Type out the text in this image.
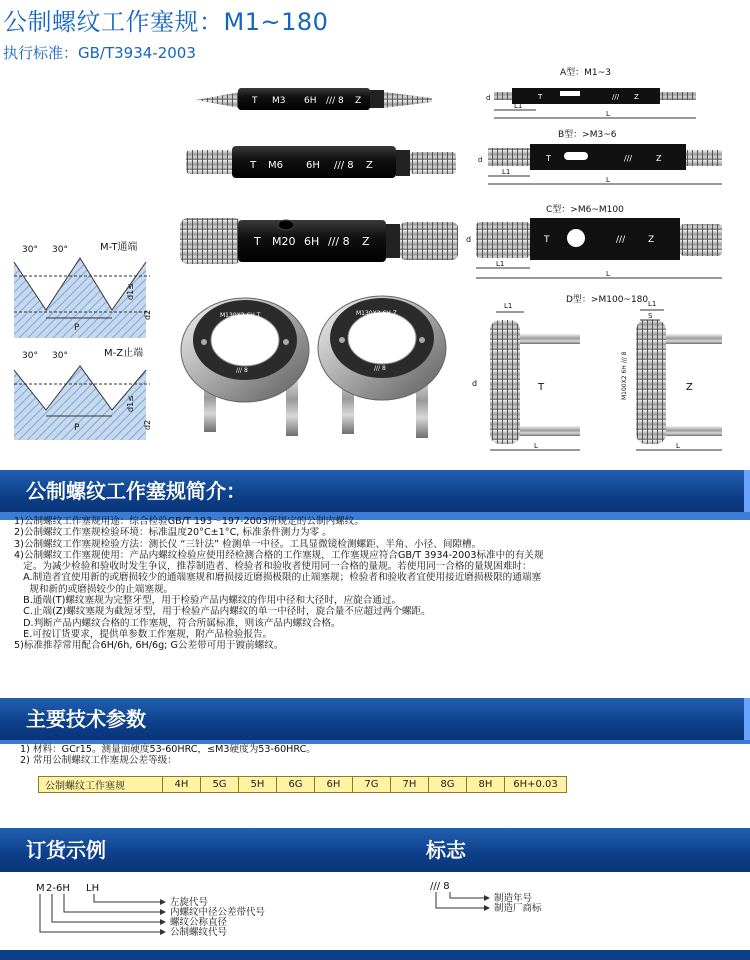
公制螺纹工作塞规：M1~180
执行标准：GB/T3934-2003
T M3 6H /// 8 Z
T M6 6H /// 8 Z
T M20 6H /// 8 Z
30° 30°	M-T通端
P
d1≤
d2
30° 30°	M-Z止端
P
d1≤
d2
M130X2 6H T
/// 8
M130X2 6H Z
/// 8
A型：M1~3
T	/// Z
L1
L
d
B型：>M3~6
T	///	Z
L1
L
d
C型：>M6~M100
T	///	Z
L1
L
d
D型：>M100~180
T
L1
L
d	Z
L1
S
L
M100X2 6H /// 8
公制螺纹工作塞规简介：
1)公制螺纹工作塞规用途：综合检验GB/T 193～197-2003所规定的公制内螺纹。
2)公制螺纹工作塞规检验环境：标准温度20°C±1°C, 标准条件测力为零 。
3)公制螺纹工作塞规检验方法：测长仪 “三针法” 检测单一中径。工具显微镜检测螺距、半角、小径、间隙槽。
4)公制螺纹工作塞规使用：产品内螺纹检验应使用经检测合格的工作塞规，工作塞规应符合GB/T 3934-2003标准中的有关规
定。为减少检验和验收时发生争议，推荐制造者、检验者和验收者使用同一合格的量规。若使用同一合格的量规困难时：
A.制造者宜使用新的或磨损较少的通端塞规和磨损接近磨损极限的止端塞规；检验者和验收者宜使用接近磨损极限的通端塞
规和新的或磨损较少的止端塞规。
B.通端(T)螺纹塞规为完整牙型，用于检验产品内螺纹的作用中径和大径时，应旋合通过。
C.止端(Z)螺纹塞规为截短牙型，用于检验产品内螺纹的单一中径时，旋合量不应超过两个螺距。
D.判断产品内螺纹合格的工作塞规，符合所属标准，则该产品内螺纹合格。
E.可按订货要求，提供单参数工作塞规，附产品检验报告。
5)标准推荐常用配合6H/6h, 6H/6g; G公差带可用于镀前螺纹。
主要技术参数
1) 材料：GCr15。测量面硬度53-60HRC，≤M3硬度为53-60HRC。
2) 常用公制螺纹工作塞规公差等级：
公制螺纹工作塞规	4H	5G	5H	6G	6H	7G	7H	8G	8H	6H+0.03
订货示例	标志
M 2-6H LH
左旋代号
内螺纹中径公差带代号
螺纹公称直径
公制螺纹代号
/// 8
制造年号
制造厂商标
